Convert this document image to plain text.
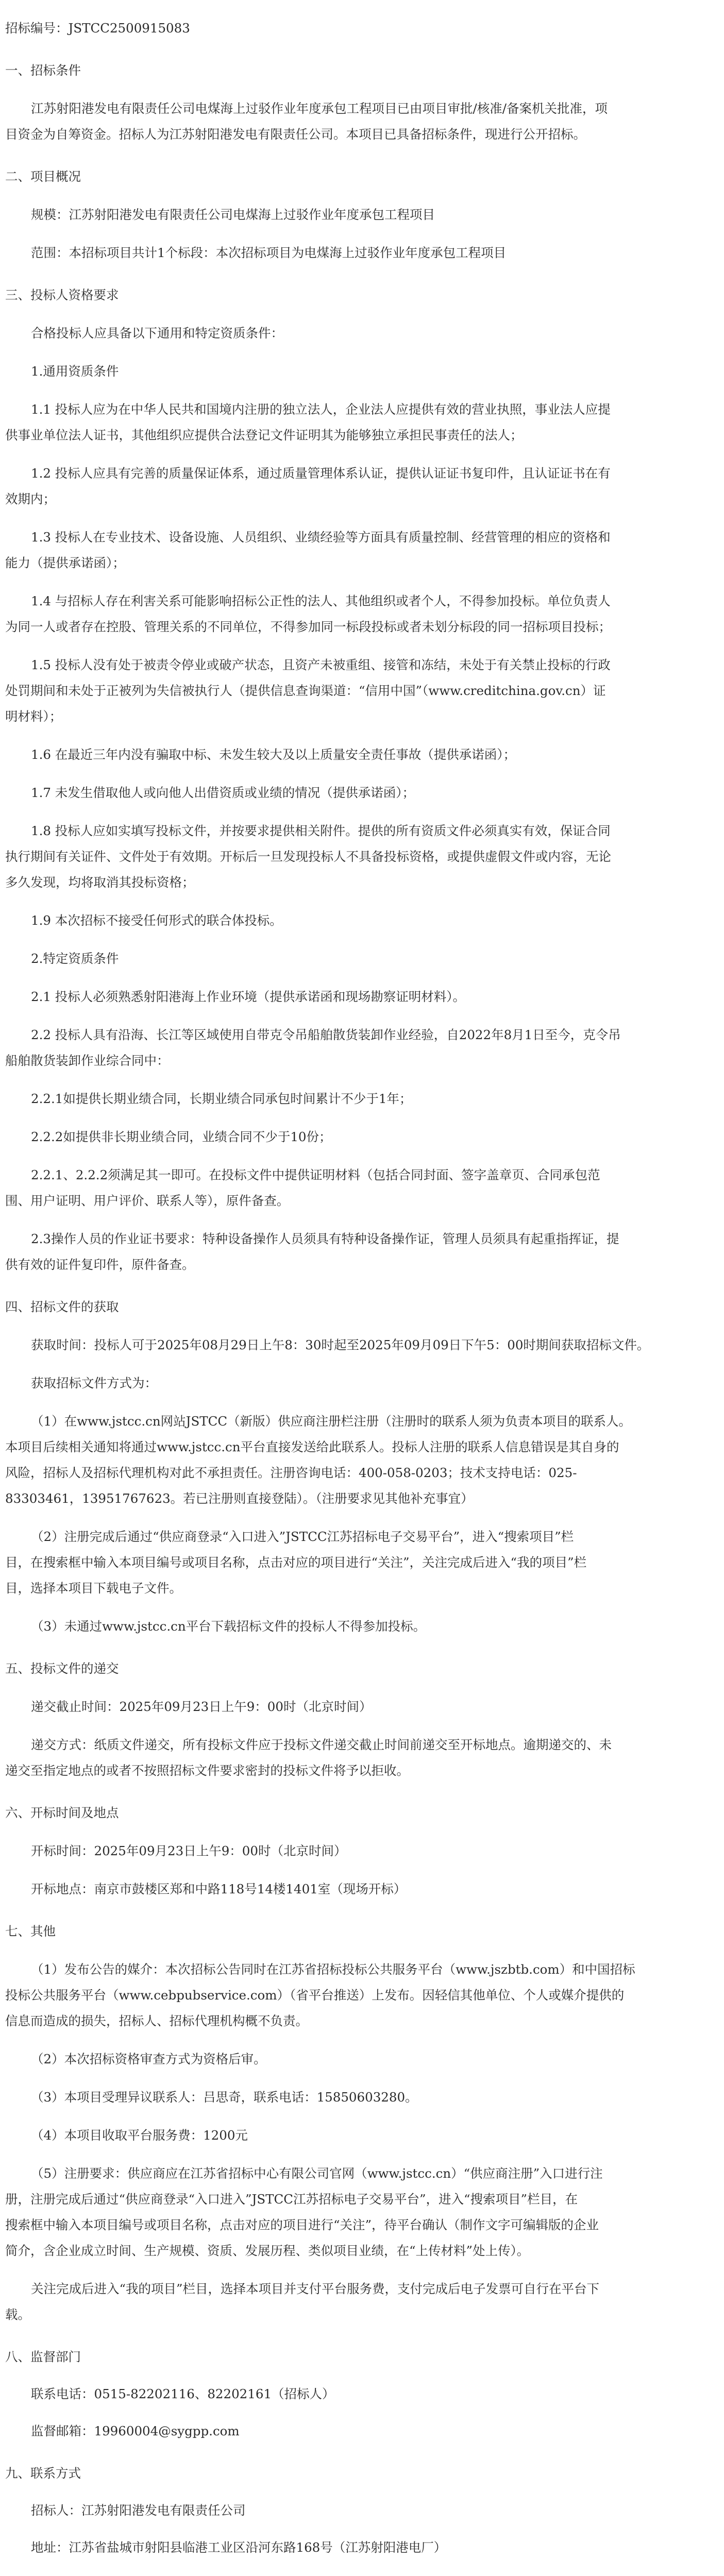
招标编号：JSTCC2500915083
一、招标条件
江苏射阳港发电有限责任公司电煤海上过驳作业年度承包工程项目已由项目审批/核准/备案机关批准，项
目资金为自筹资金。招标人为江苏射阳港发电有限责任公司。本项目已具备招标条件，现进行公开招标。
二、项目概况
规模：江苏射阳港发电有限责任公司电煤海上过驳作业年度承包工程项目
范围：本招标项目共计1个标段：本次招标项目为电煤海上过驳作业年度承包工程项目
三、投标人资格要求
合格投标人应具备以下通用和特定资质条件：
1.通用资质条件
1.1 投标人应为在中华人民共和国境内注册的独立法人，企业法人应提供有效的营业执照，事业法人应提
供事业单位法人证书，其他组织应提供合法登记文件证明其为能够独立承担民事责任的法人；
1.2 投标人应具有完善的质量保证体系，通过质量管理体系认证，提供认证证书复印件，且认证证书在有
效期内；
1.3 投标人在专业技术、设备设施、人员组织、业绩经验等方面具有质量控制、经营管理的相应的资格和
能力（提供承诺函）；
1.4 与招标人存在利害关系可能影响招标公正性的法人、其他组织或者个人，不得参加投标。单位负责人
为同一人或者存在控股、管理关系的不同单位，不得参加同一标段投标或者未划分标段的同一招标项目投标；
1.5 投标人没有处于被责令停业或破产状态，且资产未被重组、接管和冻结，未处于有关禁止投标的行政
处罚期间和未处于正被列为失信被执行人（提供信息查询渠道：“信用中国”（www.creditchina.gov.cn）证
明材料）；
1.6 在最近三年内没有骗取中标、未发生较大及以上质量安全责任事故（提供承诺函）；
1.7 未发生借取他人或向他人出借资质或业绩的情况（提供承诺函）；
1.8 投标人应如实填写投标文件，并按要求提供相关附件。提供的所有资质文件必须真实有效，保证合同
执行期间有关证件、文件处于有效期。开标后一旦发现投标人不具备投标资格，或提供虚假文件或内容，无论
多久发现，均将取消其投标资格；
1.9 本次招标不接受任何形式的联合体投标。
2.特定资质条件
2.1 投标人必须熟悉射阳港海上作业环境（提供承诺函和现场勘察证明材料）。
2.2 投标人具有沿海、长江等区域使用自带克令吊船舶散货装卸作业经验，自2022年8月1日至今，克令吊
船舶散货装卸作业综合同中：
2.2.1如提供长期业绩合同，长期业绩合同承包时间累计不少于1年；
2.2.2如提供非长期业绩合同，业绩合同不少于10份；
2.2.1、2.2.2须满足其一即可。在投标文件中提供证明材料（包括合同封面、签字盖章页、合同承包范
围、用户证明、用户评价、联系人等），原件备查。
2.3操作人员的作业证书要求：特种设备操作人员须具有特种设备操作证，管理人员须具有起重指挥证，提
供有效的证件复印件，原件备查。
四、招标文件的获取
获取时间：投标人可于2025年08月29日上午8：30时起至2025年09月09日下午5：00时期间获取招标文件。
获取招标文件方式为：
（1）在www.jstcc.cn网站JSTCC（新版）供应商注册栏注册（注册时的联系人须为负责本项目的联系人。
本项目后续相关通知将通过www.jstcc.cn平台直接发送给此联系人。投标人注册的联系人信息错误是其自身的
风险，招标人及招标代理机构对此不承担责任。注册咨询电话：400-058-0203；技术支持电话：025-
83303461，13951767623。若已注册则直接登陆）。（注册要求见其他补充事宜）
（2）注册完成后通过“供应商登录“入口进入”JSTCC江苏招标电子交易平台”，进入“搜索项目”栏
目，在搜索框中输入本项目编号或项目名称，点击对应的项目进行“关注”，关注完成后进入“我的项目”栏
目，选择本项目下载电子文件。
（3）未通过www.jstcc.cn平台下载招标文件的投标人不得参加投标。
五、投标文件的递交
递交截止时间：2025年09月23日上午9：00时（北京时间）
递交方式：纸质文件递交，所有投标文件应于投标文件递交截止时间前递交至开标地点。逾期递交的、未
递交至指定地点的或者不按照招标文件要求密封的投标文件将予以拒收。
六、开标时间及地点
开标时间：2025年09月23日上午9：00时（北京时间）
开标地点：南京市鼓楼区郑和中路118号14楼1401室（现场开标）
七、其他
（1）发布公告的媒介：本次招标公告同时在江苏省招标投标公共服务平台（www.jszbtb.com）和中国招标
投标公共服务平台（www.cebpubservice.com）（省平台推送）上发布。因轻信其他单位、个人或媒介提供的
信息而造成的损失，招标人、招标代理机构概不负责。
（2）本次招标资格审查方式为资格后审。
（3）本项目受理异议联系人：吕思奇，联系电话：15850603280。
（4）本项目收取平台服务费：1200元
（5）注册要求：供应商应在江苏省招标中心有限公司官网（www.jstcc.cn）“供应商注册”入口进行注
册，注册完成后通过“供应商登录“入口进入”JSTCC江苏招标电子交易平台”，进入“搜索项目”栏目，在
搜索框中输入本项目编号或项目名称，点击对应的项目进行“关注”，待平台确认（制作文字可编辑版的企业
简介，含企业成立时间、生产规模、资质、发展历程、类似项目业绩，在“上传材料”处上传）。
关注完成后进入“我的项目”栏目，选择本项目并支付平台服务费，支付完成后电子发票可自行在平台下
载。
八、监督部门
联系电话：0515-82202116、82202161（招标人）
监督邮箱：19960004@sygpp.com
九、联系方式
招标人：江苏射阳港发电有限责任公司
地址：江苏省盐城市射阳县临港工业区沿河东路168号（江苏射阳港电厂）
